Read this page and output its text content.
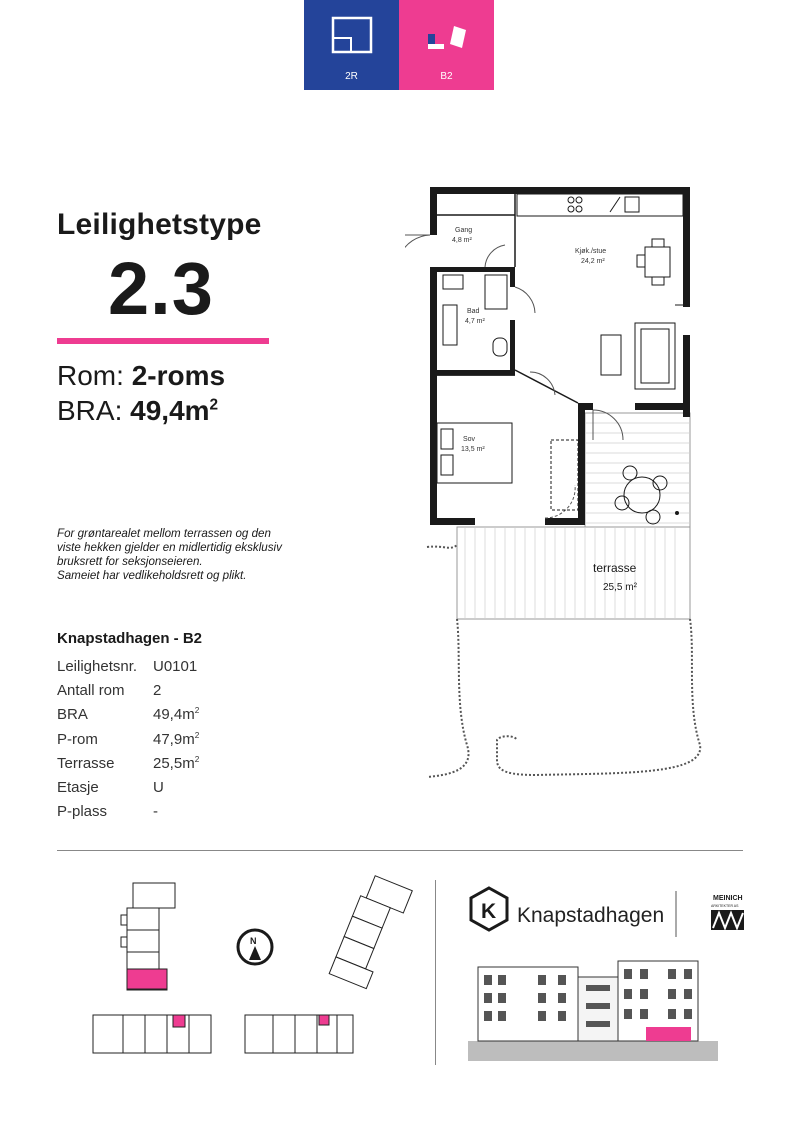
2R	B2
Leilighetstype
2.3
Rom: 2-roms
BRA: $49,4m^2$
For grøntarealet mellom terrassen og den
viste hekken gjelder en midlertidig eksklusiv
bruksrett for seksjonseieren.
Sameiet har vedlikeholdsrett og plikt.
Knapstadhagen - B2
Leilighetsnr.	U0101
Antall rom	2
BRA	$49,4m^2$
P-rom	$47,9m^2$
Terrasse	$25,5m^2$
Etasje	U
P-plass	-
Gang
4,8 m²
Kjøk./stue
24,2 m²
Bad
4,7 m²
Sov
13,5 m²
terrasse
25,5 m²
N
K
MEINICH
ARKITEKTER AS
Knapstadhagen
